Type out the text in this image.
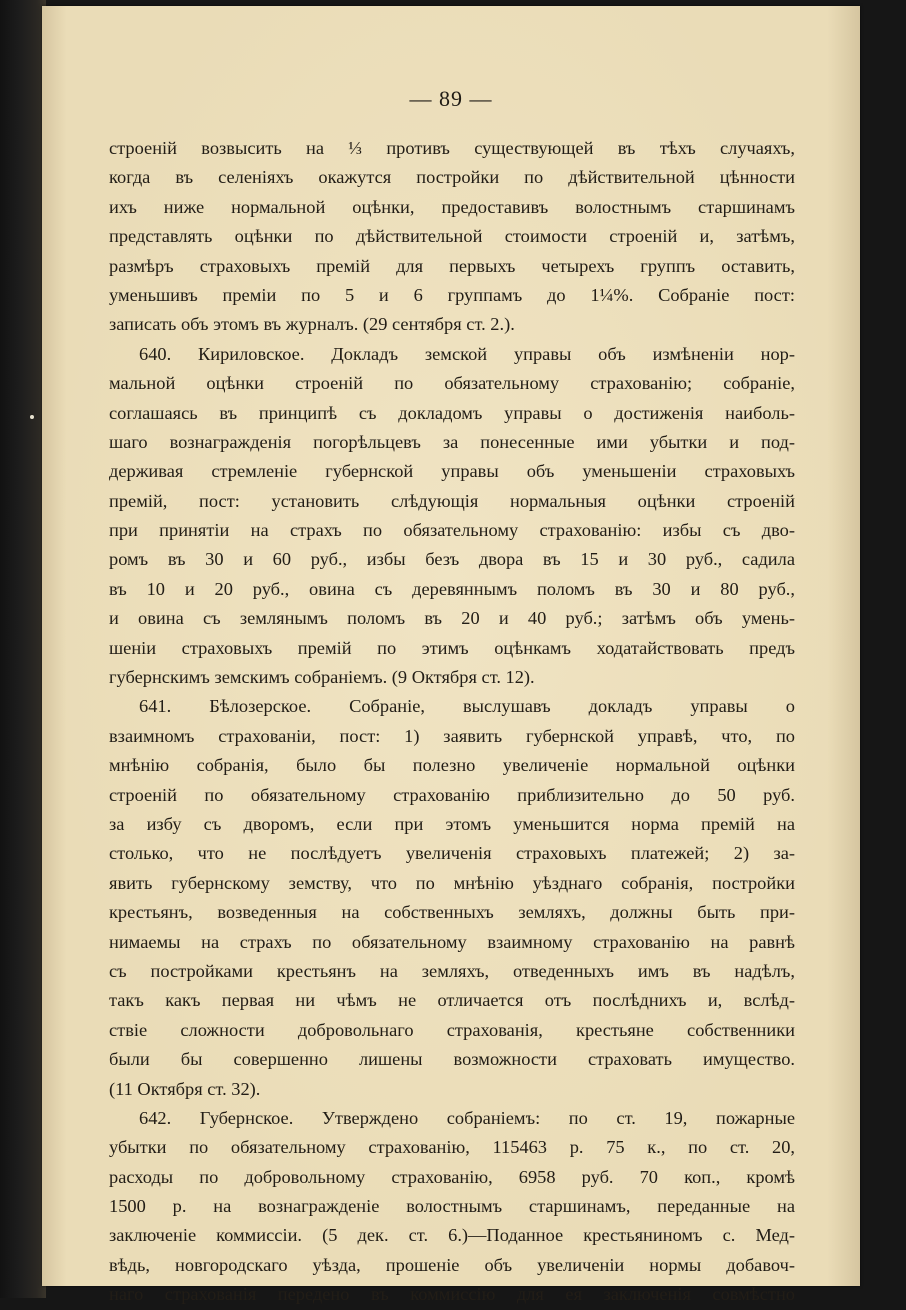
— 89 —
строеній возвысить на ⅓ противъ существующей въ тѣхъ случаяхъ,
когда въ селеніяхъ окажутся постройки по дѣйствительной цѣнности
ихъ ниже нормальной оцѣнки, предоставивъ волостнымъ старшинамъ
представлять оцѣнки по дѣйствительной стоимости строеній и, затѣмъ,
размѣръ страховыхъ премій для первыхъ четырехъ группъ оставить,
уменьшивъ преміи по 5 и 6 группамъ до 1¼%. Собраніе пост:
записать объ этомъ въ журналъ. (29 сентября ст. 2.).
640. Кириловское. Докладъ земской управы объ измѣненіи нор-
мальной оцѣнки строеній по обязательному страхованію; собраніе,
соглашаясь въ принципѣ съ докладомъ управы о достиженія наиболь-
шаго вознагражденія погорѣльцевъ за понесенные ими убытки и под-
держивая стремленіе губернской управы объ уменьшеніи страховыхъ
премій, пост: установить слѣдующія нормальныя оцѣнки строеній
при принятіи на страхъ по обязательному страхованію: избы съ дво-
ромъ въ 30 и 60 руб., избы безъ двора въ 15 и 30 руб., садила
въ 10 и 20 руб., овина съ деревяннымъ поломъ въ 30 и 80 руб.,
и овина съ землянымъ поломъ въ 20 и 40 руб.; затѣмъ объ умень-
шеніи страховыхъ премій по этимъ оцѣнкамъ ходатайствовать предъ
губернскимъ земскимъ собраніемъ. (9 Октября ст. 12).
641. Бѣлозерское. Собраніе, выслушавъ докладъ управы о
взаимномъ страхованіи, пост: 1) заявить губернской управѣ, что, по
мнѣнію собранія, было бы полезно увеличеніе нормальной оцѣнки
строеній по обязательному страхованію приблизительно до 50 руб.
за избу съ дворомъ, если при этомъ уменьшится норма премій на
столько, что не послѣдуетъ увеличенія страховыхъ платежей; 2) за-
явить губернскому земству, что по мнѣнію уѣзднаго собранія, постройки
крестьянъ, возведенныя на собственныхъ земляхъ, должны быть при-
нимаемы на страхъ по обязательному взаимному страхованію на равнѣ
съ постройками крестьянъ на земляхъ, отведенныхъ имъ въ надѣлъ,
такъ какъ первая ни чѣмъ не отличается отъ послѣднихъ и, вслѣд-
ствіе сложности добровольнаго страхованія, крестьяне собственники
были бы совершенно лишены возможности страховать имущество.
(11 Октября ст. 32).
642. Губернское. Утверждено собраніемъ: по ст. 19, пожарные
убытки по обязательному страхованію, 115463 р. 75 к., по ст. 20,
расходы по добровольному страхованію, 6958 руб. 70 коп., кромѣ
1500 р. на вознагражденіе волостнымъ старшинамъ, переданные на
заключеніе коммиссіи. (5 дек. ст. 6.)—Поданное крестьяниномъ с. Мед-
вѣдь, новгородскаго уѣзда, прошеніе объ увеличеніи нормы добавоч-
наго страхованія передено въ коммиссію для ея заключенія совмѣстно
